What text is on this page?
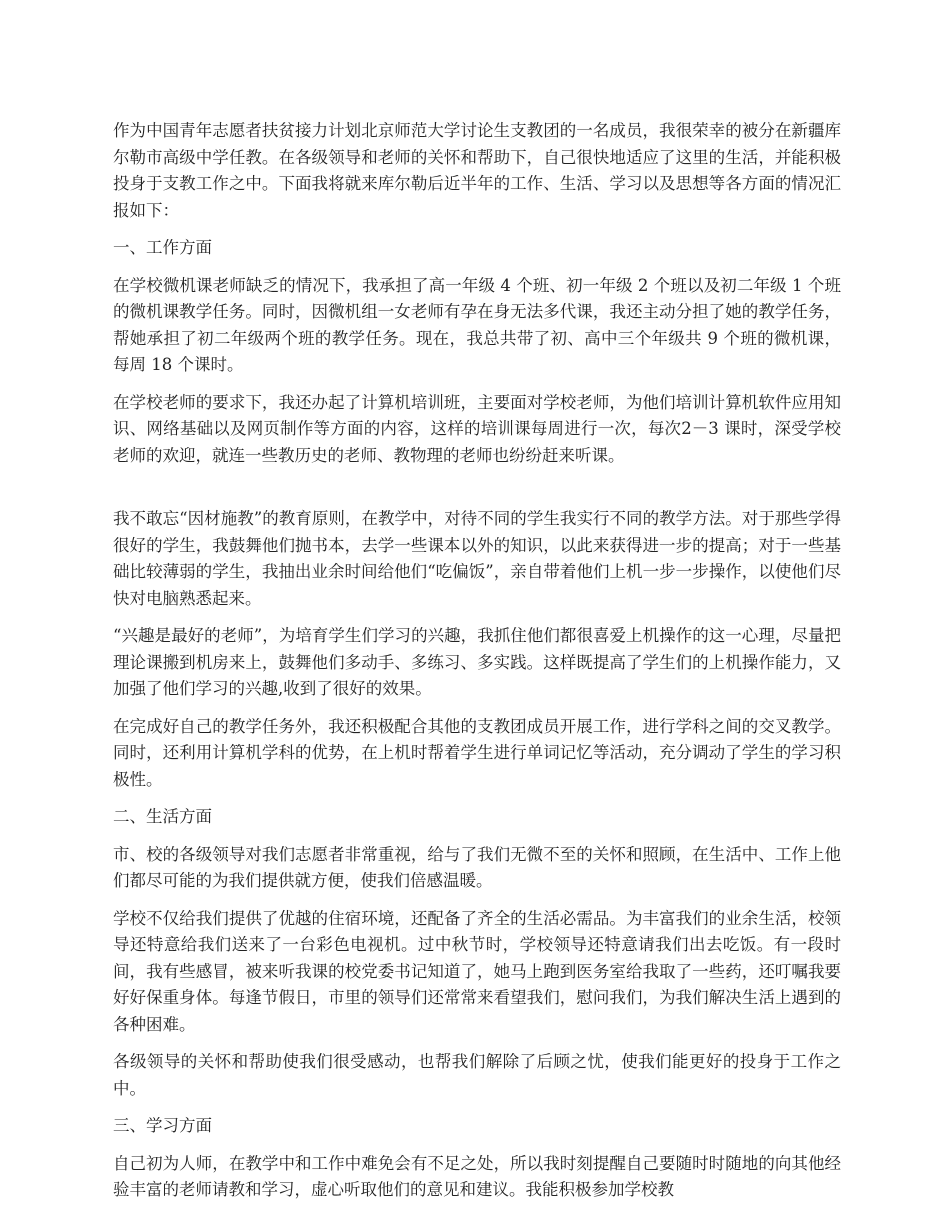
作为中国青年志愿者扶贫接力计划北京师范大学讨论生支教团的一名成员，我很荣幸的被分在新疆库尔勒市高级中学任教。在各级领导和老师的关怀和帮助下，自己很快地适应了这里的生活，并能积极投身于支教工作之中。下面我将就来库尔勒后近半年的工作、生活、学习以及思想等各方面的情况汇报如下：

一、工作方面

在学校微机课老师缺乏的情况下，我承担了高一年级 4 个班、初一年级 2 个班以及初二年级 1 个班的微机课教学任务。同时，因微机组一女老师有孕在身无法多代课，我还主动分担了她的教学任务，帮她承担了初二年级两个班的教学任务。现在，我总共带了初、高中三个年级共 9 个班的微机课，每周 18 个课时。

在学校老师的要求下，我还办起了计算机培训班，主要面对学校老师，为他们培训计算机软件应用知识、网络基础以及网页制作等方面的内容，这样的培训课每周进行一次，每次2－3 课时，深受学校老师的欢迎，就连一些教历史的老师、教物理的老师也纷纷赶来听课。

我不敢忘“因材施教”的教育原则，在教学中，对待不同的学生我实行不同的教学方法。对于那些学得很好的学生，我鼓舞他们抛书本，去学一些课本以外的知识，以此来获得进一步的提高；对于一些基础比较薄弱的学生，我抽出业余时间给他们“吃偏饭”，亲自带着他们上机一步一步操作，以使他们尽快对电脑熟悉起来。

“兴趣是最好的老师”，为培育学生们学习的兴趣，我抓住他们都很喜爱上机操作的这一心理，尽量把理论课搬到机房来上，鼓舞他们多动手、多练习、多实践。这样既提高了学生们的上机操作能力，又加强了他们学习的兴趣,收到了很好的效果。

在完成好自己的教学任务外，我还积极配合其他的支教团成员开展工作，进行学科之间的交叉教学。同时，还利用计算机学科的优势，在上机时帮着学生进行单词记忆等活动，充分调动了学生的学习积极性。

二、生活方面

市、校的各级领导对我们志愿者非常重视，给与了我们无微不至的关怀和照顾，在生活中、工作上他们都尽可能的为我们提供就方便，使我们倍感温暖。

学校不仅给我们提供了优越的住宿环境，还配备了齐全的生活必需品。为丰富我们的业余生活，校领导还特意给我们送来了一台彩色电视机。过中秋节时，学校领导还特意请我们出去吃饭。有一段时间，我有些感冒，被来听我课的校党委书记知道了，她马上跑到医务室给我取了一些药，还叮嘱我要好好保重身体。每逢节假日，市里的领导们还常常来看望我们，慰问我们，为我们解决生活上遇到的各种困难。

各级领导的关怀和帮助使我们很受感动，也帮我们解除了后顾之忧，使我们能更好的投身于工作之中。

三、学习方面

自己初为人师，在教学中和工作中难免会有不足之处，所以我时刻提醒自己要随时时随地的向其他经验丰富的老师请教和学习，虚心听取他们的意见和建议。我能积极参加学校教
